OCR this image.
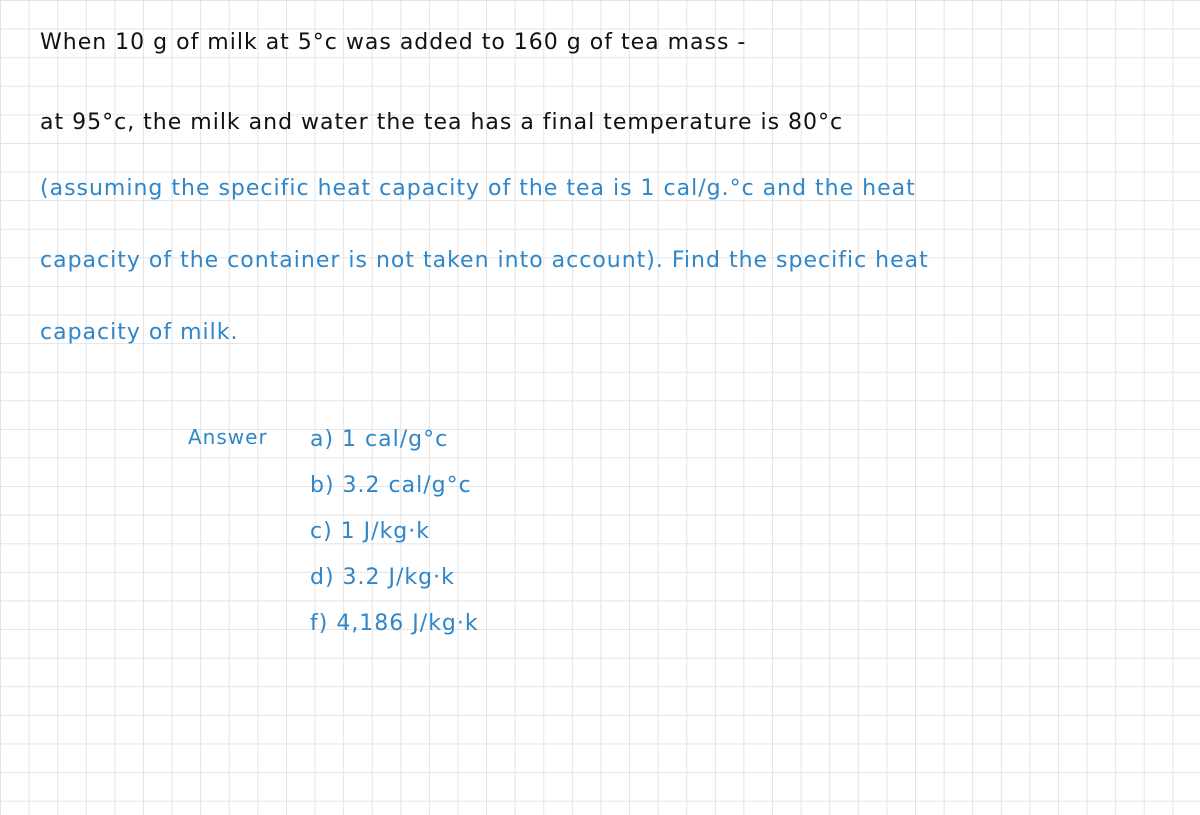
When 10 g of milk at 5°c was added to 160 g of tea mass -
at 95°c, the milk and water the tea has a final temperature is 80°c
(assuming the specific heat capacity of the tea is 1 cal/g.°c and the heat
capacity of the container is not taken into account). Find the specific heat
capacity of milk.
Answer a) 1 cal/g°c
b) 3.2 cal/g°c
c) 1 J/kg·k
d) 3.2 J/kg·k
f) 4,186 J/kg·k
